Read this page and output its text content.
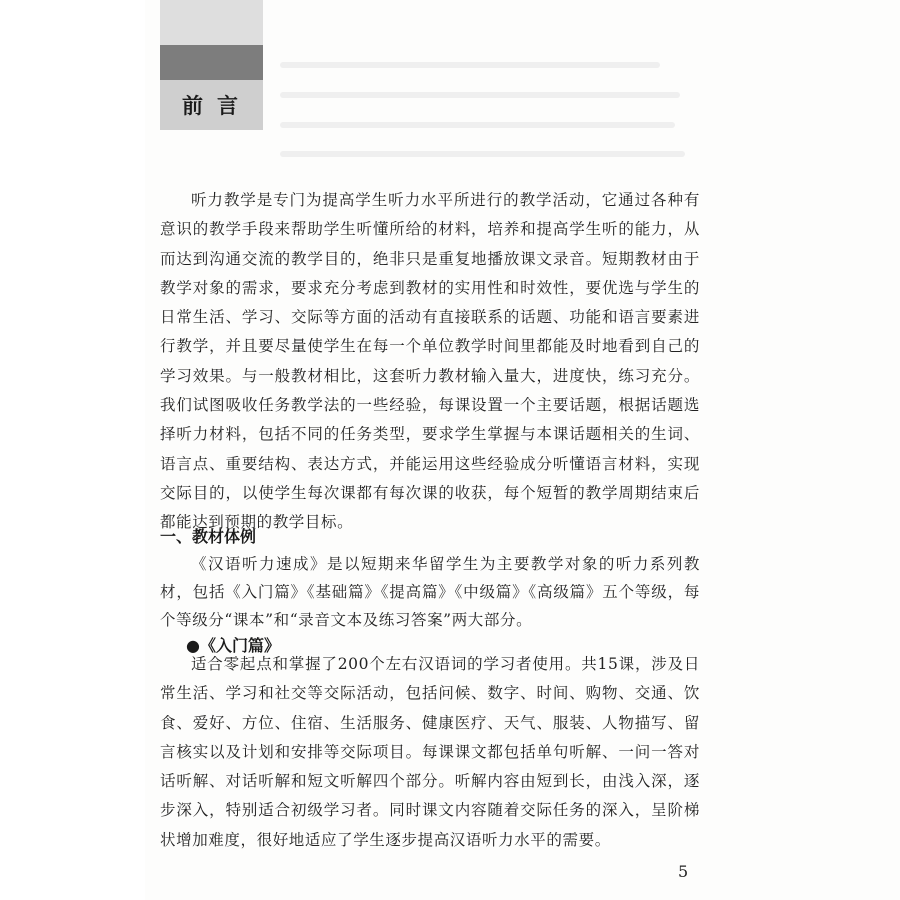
前言

听力教学是专门为提高学生听力水平所进行的教学活动，它通过各种有意识的教学手段来帮助学生听懂所给的材料，培养和提高学生听的能力，从而达到沟通交流的教学目的，绝非只是重复地播放课文录音。短期教材由于教学对象的需求，要求充分考虑到教材的实用性和时效性，要优选与学生的日常生活、学习、交际等方面的活动有直接联系的话题、功能和语言要素进行教学，并且要尽量使学生在每一个单位教学时间里都能及时地看到自己的学习效果。与一般教材相比，这套听力教材输入量大，进度快，练习充分。我们试图吸收任务教学法的一些经验，每课设置一个主要话题，根据话题选择听力材料，包括不同的任务类型，要求学生掌握与本课话题相关的生词、语言点、重要结构、表达方式，并能运用这些经验成分听懂语言材料，实现交际目的，以使学生每次课都有每次课的收获，每个短暂的教学周期结束后都能达到预期的教学目标。

一、教材体例

《汉语听力速成》是以短期来华留学生为主要教学对象的听力系列教材，包括《入门篇》《基础篇》《提高篇》《中级篇》《高级篇》五个等级，每个等级分“课本”和“录音文本及练习答案”两大部分。

●《入门篇》

适合零起点和掌握了200个左右汉语词的学习者使用。共15课，涉及日常生活、学习和社交等交际活动，包括问候、数字、时间、购物、交通、饮食、爱好、方位、住宿、生活服务、健康医疗、天气、服装、人物描写、留言核实以及计划和安排等交际项目。每课课文都包括单句听解、一问一答对话听解、对话听解和短文听解四个部分。听解内容由短到长，由浅入深，逐步深入，特别适合初级学习者。同时课文内容随着交际任务的深入，呈阶梯状增加难度，很好地适应了学生逐步提高汉语听力水平的需要。

5
